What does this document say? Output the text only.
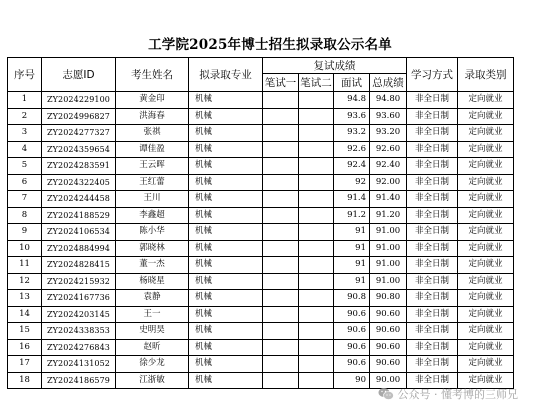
工学院2025年博士招生拟录取公示名单
序号	志愿ID	考生姓名	拟录取专业	复试成绩				学习方式	录取类别
				笔试一	笔试二	面试	总成绩		
1	ZY2024229100	黄金印	机械			94.8	94.80	非全日制	定向就业
2	ZY2024996827	洪海春	机械			93.6	93.60	非全日制	定向就业
3	ZY2024277327	张祺	机械			93.2	93.20	非全日制	定向就业
4	ZY2024359654	谭佳盈	机械			92.6	92.60	非全日制	定向就业
5	ZY2024283591	王云晖	机械			92.4	92.40	非全日制	定向就业
6	ZY2024322405	王红蕾	机械			92	92.00	非全日制	定向就业
7	ZY2024244458	王川	机械			91.4	91.40	非全日制	定向就业
8	ZY2024188529	李鑫超	机械			91.2	91.20	非全日制	定向就业
9	ZY2024106534	陈小华	机械			91	91.00	非全日制	定向就业
10	ZY2024884994	郭晓林	机械			91	91.00	非全日制	定向就业
11	ZY2024828415	董一杰	机械			91	91.00	非全日制	定向就业
12	ZY2024215932	杨晓星	机械			91	91.00	非全日制	定向就业
13	ZY2024167736	袁静	机械			90.8	90.80	非全日制	定向就业
14	ZY2024203145	王一	机械			90.6	90.60	非全日制	定向就业
15	ZY2024338353	史明昊	机械			90.6	90.60	非全日制	定向就业
16	ZY2024276843	赵昕	机械			90.6	90.60	非全日制	定向就业
17	ZY2024131052	徐少龙	机械			90.6	90.60	非全日制	定向就业
18	ZY2024186579	江浙敏	机械			90	90.00	非全日制	定向就业
公众号 · 懂考博的三师兄
